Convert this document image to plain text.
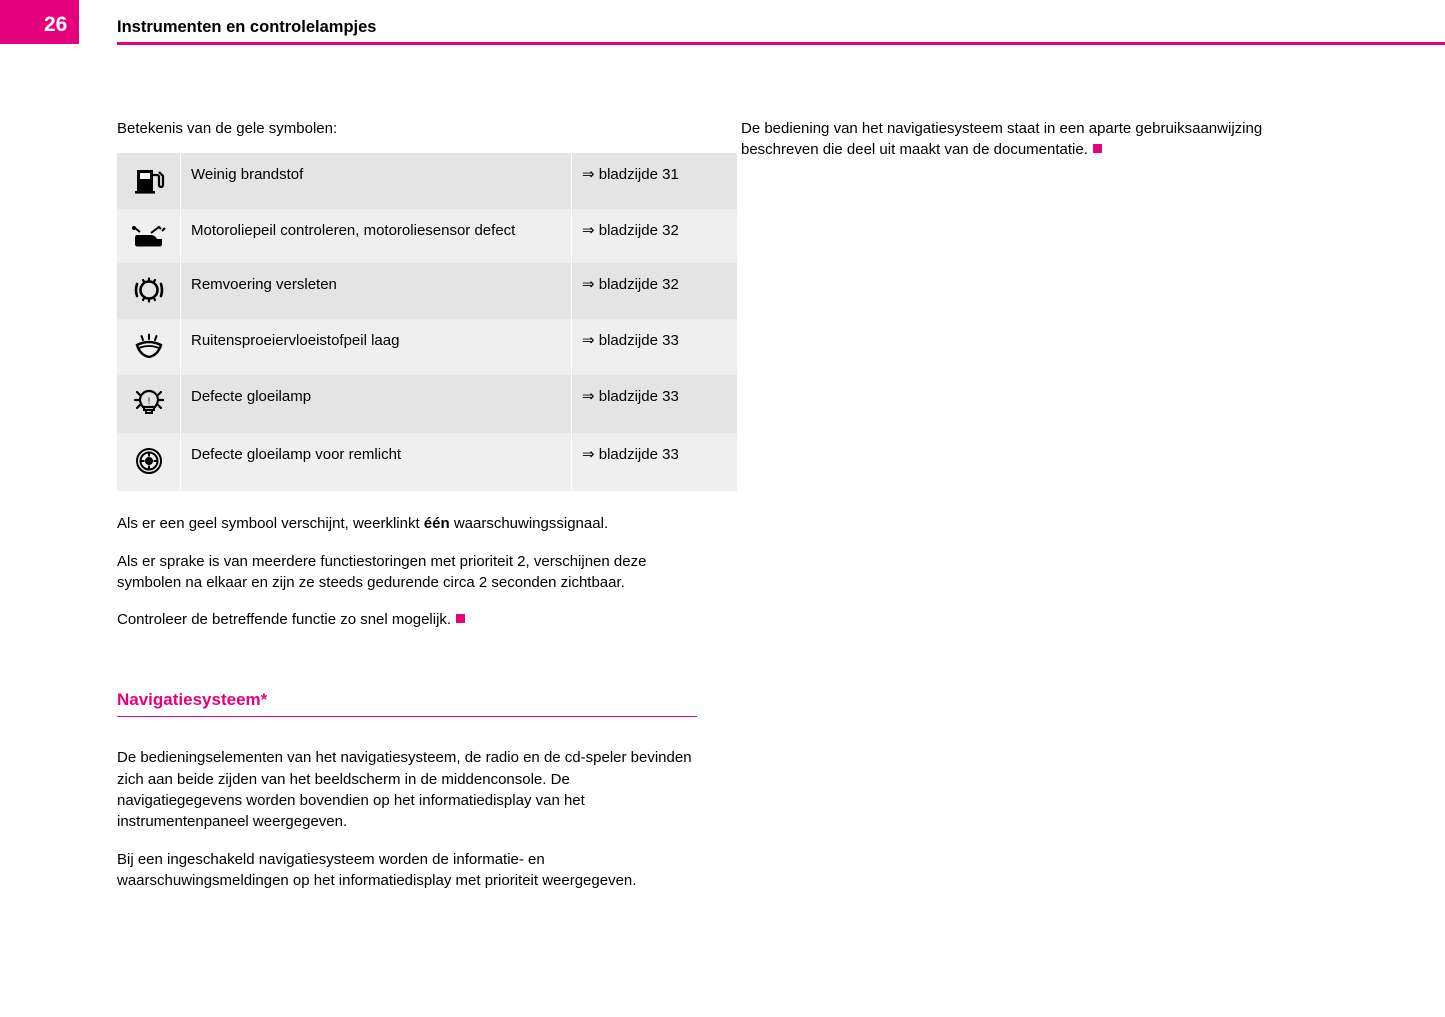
26	Instrumenten en controlelampjes
Betekenis van de gele symbolen:
	Weinig brandstof	⇒ bladzijde 31

	Motoroliepeil controleren, motoroliesensor defect	⇒ bladzijde 32

	Remvoering versleten	⇒ bladzijde 32

	Ruitensproeiervloeistofpeil laag	⇒ bladzijde 33

!	Defecte gloeilamp	⇒ bladzijde 33

	Defecte gloeilamp voor remlicht	⇒ bladzijde 33

Als er een geel symbool verschijnt, weerklinkt één waarschuwingssignaal.

Als er sprake is van meerdere functiestoringen met prioriteit 2, verschijnen deze symbolen na elkaar en zijn ze steeds gedurende circa 2 seconden zichtbaar.

Controleer de betreffende functie zo snel mogelijk.

Navigatiesysteem*

De bedieningselementen van het navigatiesysteem, de radio en de cd-speler bevinden zich aan beide zijden van het beeldscherm in de middenconsole. De navigatiegegevens worden bovendien op het informatiedisplay van het instrumentenpaneel weergegeven.

Bij een ingeschakeld navigatiesysteem worden de informatie- en waarschuwingsmeldingen op het informatiedisplay met prioriteit weergegeven.

De bediening van het navigatiesysteem staat in een aparte gebruiksaanwijzing beschreven die deel uit maakt van de documentatie.
